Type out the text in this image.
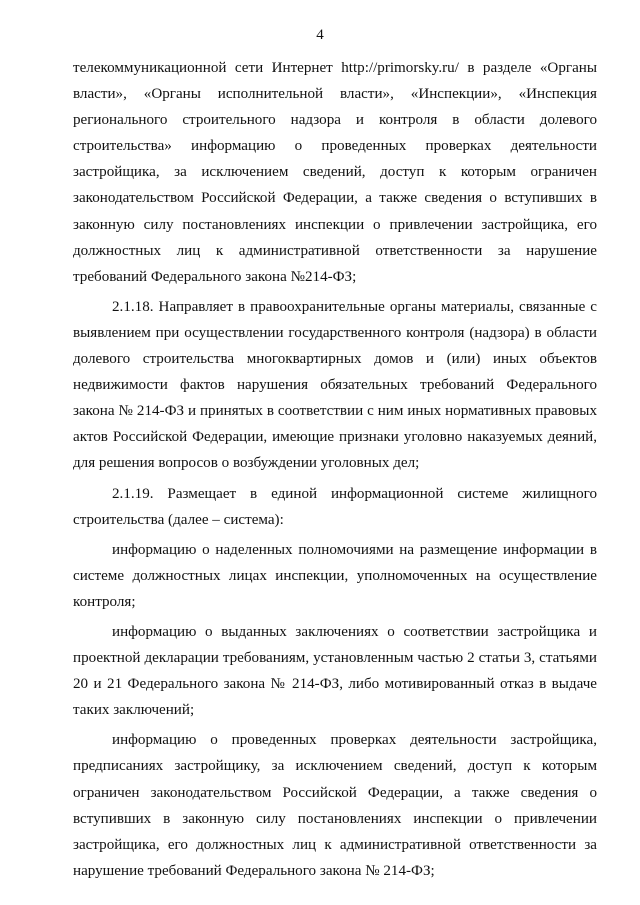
4

телекоммуникационной сети Интернет http://primorsky.ru/ в разделе «Органы власти», «Органы исполнительной власти», «Инспекции», «Инспекция регионального строительного надзора и контроля в области долевого строительства» информацию о проведенных проверках деятельности застройщика, за исключением сведений, доступ к которым ограничен законодательством Российской Федерации, а также сведения о вступивших в законную силу постановлениях инспекции о привлечении застройщика, его должностных лиц к административной ответственности за нарушение требований Федерального закона №214-ФЗ;

2.1.18. Направляет в правоохранительные органы материалы, связанные с выявлением при осуществлении государственного контроля (надзора) в области долевого строительства многоквартирных домов и (или) иных объектов недвижимости фактов нарушения обязательных требований Федерального закона № 214-ФЗ и принятых в соответствии с ним иных нормативных правовых актов Российской Федерации, имеющие признаки уголовно наказуемых деяний, для решения вопросов о возбуждении уголовных дел;

2.1.19. Размещает в единой информационной системе жилищного строительства (далее – система):

информацию о наделенных полномочиями на размещение информации в системе должностных лицах инспекции, уполномоченных на осуществление контроля;

информацию о выданных заключениях о соответствии застройщика и проектной декларации требованиям, установленным частью 2 статьи 3, статьями 20 и 21 Федерального закона № 214-ФЗ, либо мотивированный отказ в выдаче таких заключений;

информацию о проведенных проверках деятельности застройщика, предписаниях застройщику, за исключением сведений, доступ к которым ограничен законодательством Российской Федерации, а также сведения о вступивших в законную силу постановлениях инспекции о привлечении застройщика, его должностных лиц к административной ответственности за нарушение требований Федерального закона № 214-ФЗ;
